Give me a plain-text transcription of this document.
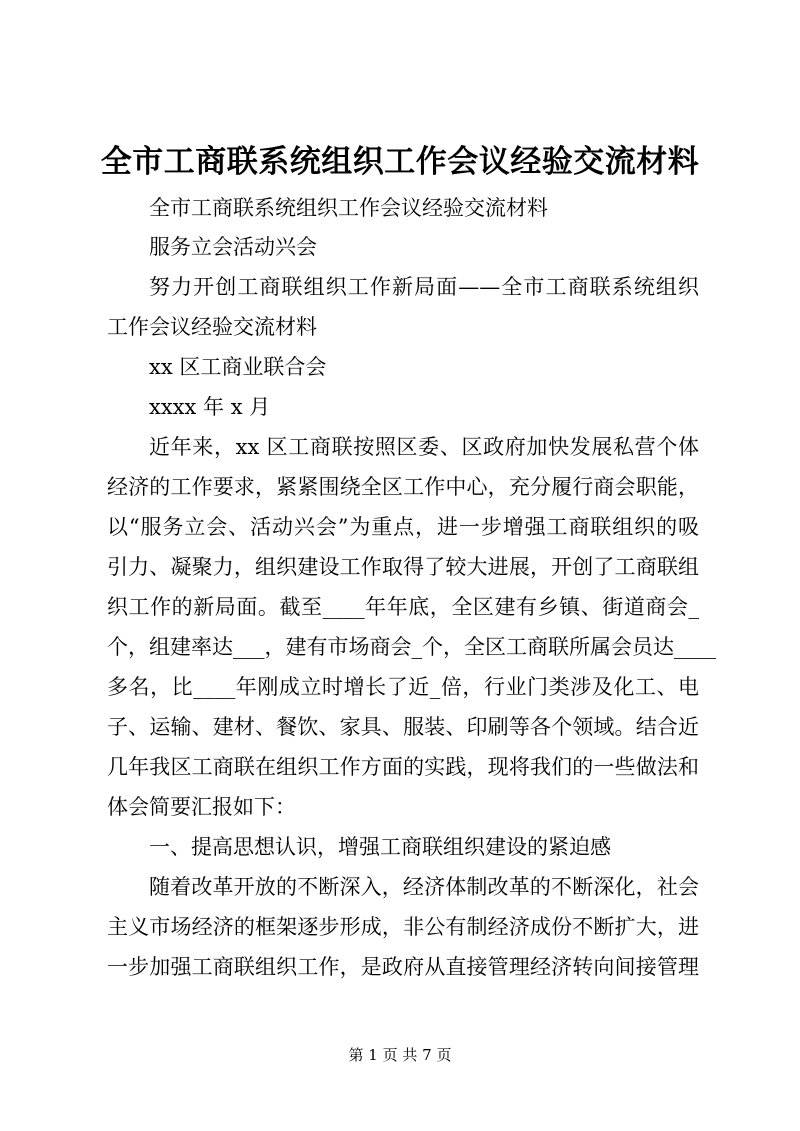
全市工商联系统组织工作会议经验交流材料
全市工商联系统组织工作会议经验交流材料
服务立会活动兴会
努力开创工商联组织工作新局面——全市工商联系统组织
工作会议经验交流材料
xx 区工商业联合会
xxxx 年 x 月
近年来，xx 区工商联按照区委、区政府加快发展私营个体
经济的工作要求，紧紧围绕全区工作中心，充分履行商会职能，
以“服务立会、活动兴会”为重点，进一步增强工商联组织的吸
引力、凝聚力，组织建设工作取得了较大进展，开创了工商联组
织工作的新局面。截至____年年底，全区建有乡镇、街道商会_
个，组建率达___，建有市场商会_个，全区工商联所属会员达____
多名，比____年刚成立时增长了近_倍，行业门类涉及化工、电
子、运输、建材、餐饮、家具、服装、印刷等各个领域。结合近
几年我区工商联在组织工作方面的实践，现将我们的一些做法和
体会简要汇报如下：
一、提高思想认识，增强工商联组织建设的紧迫感
随着改革开放的不断深入，经济体制改革的不断深化，社会
主义市场经济的框架逐步形成，非公有制经济成份不断扩大，进
一步加强工商联组织工作，是政府从直接管理经济转向间接管理
第 1 页 共 7 页
